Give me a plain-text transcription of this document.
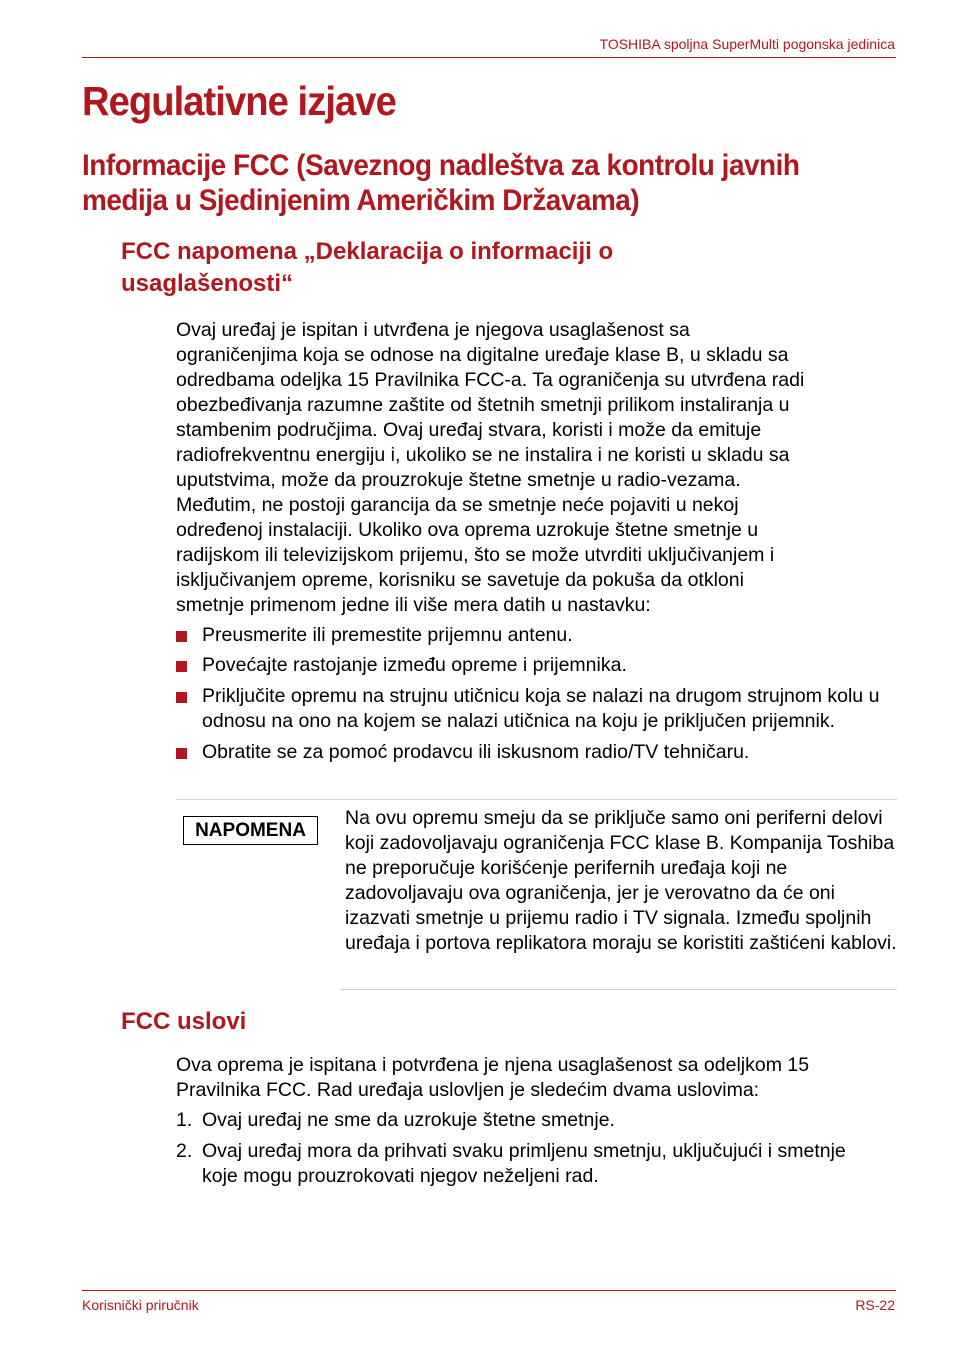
TOSHIBA spoljna SuperMulti pogonska jedinica
Regulativne izjave
Informacije FCC (Saveznog nadleštva za kontrolu javnih
medija u Sjedinjenim Američkim Državama)
FCC napomena „Deklaracija o informaciji o
usaglašenosti“
Ovaj uređaj je ispitan i utvrđena je njegova usaglašenost sa
ograničenjima koja se odnose na digitalne uređaje klase B, u skladu sa
odredbama odeljka 15 Pravilnika FCC-a. Ta ograničenja su utvrđena radi
obezbeđivanja razumne zaštite od štetnih smetnji prilikom instaliranja u
stambenim područjima. Ovaj uređaj stvara, koristi i može da emituje
radiofrekventnu energiju i, ukoliko se ne instalira i ne koristi u skladu sa
uputstvima, može da prouzrokuje štetne smetnje u radio-vezama.
Međutim, ne postoji garancija da se smetnje neće pojaviti u nekoj
određenoj instalaciji. Ukoliko ova oprema uzrokuje štetne smetnje u
radijskom ili televizijskom prijemu, što se može utvrditi uključivanjem i
isključivanjem opreme, korisniku se savetuje da pokuša da otkloni
smetnje primenom jedne ili više mera datih u nastavku:
Preusmerite ili premestite prijemnu antenu.
Povećajte rastojanje između opreme i prijemnika.
Priključite opremu na strujnu utičnicu koja se nalazi na drugom strujnom kolu u odnosu na ono na kojem se nalazi utičnica na koju je priključen prijemnik.
Obratite se za pomoć prodavcu ili iskusnom radio/TV tehničaru.
NAPOMENA
Na ovu opremu smeju da se priključe samo oni periferni delovi koji zadovoljavaju ograničenja FCC klase B. Kompanija Toshiba ne preporučuje korišćenje perifernih uređaja koji ne zadovoljavaju ova ograničenja, jer je verovatno da će oni izazvati smetnje u prijemu radio i TV signala. Između spoljnih uređaja i portova replikatora moraju se koristiti zaštićeni kablovi.
FCC uslovi
Ova oprema je ispitana i potvrđena je njena usaglašenost sa odeljkom 15 Pravilnika FCC. Rad uređaja uslovljen je sledećim dvama uslovima:
1. Ovaj uređaj ne sme da uzrokuje štetne smetnje.
2. Ovaj uređaj mora da prihvati svaku primljenu smetnju, uključujući i smetnje koje mogu prouzrokovati njegov neželjeni rad.
Korisnički priručnik	RS-22
